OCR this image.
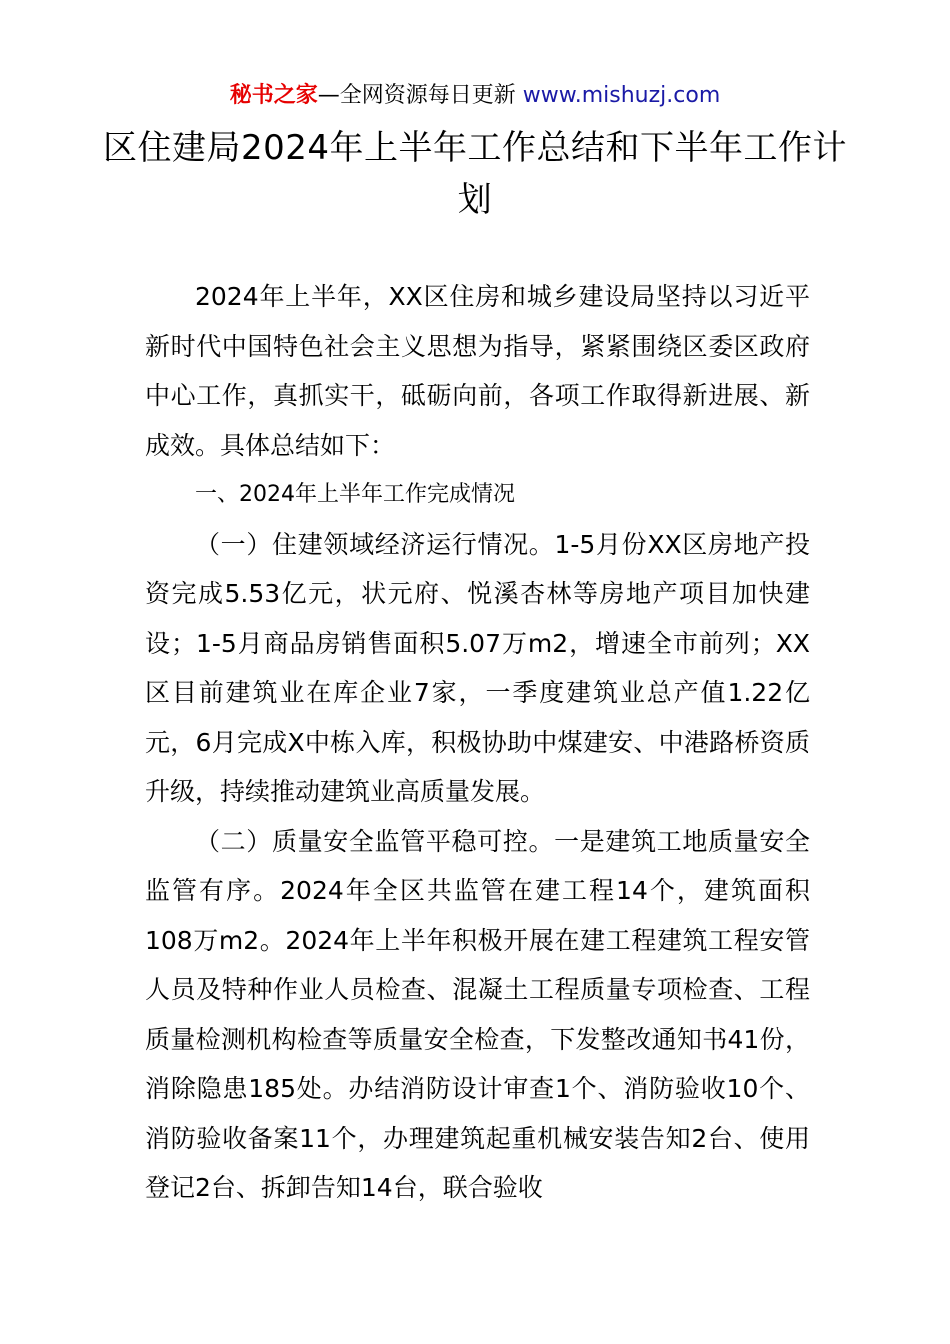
秘书之家—全网资源每日更新 www.mishuzj.com
区住建局2024年上半年工作总结和下半年工作计划

2024年上半年，XX区住房和城乡建设局坚持以习近平新时代中国特色社会主义思想为指导，紧紧围绕区委区政府中心工作，真抓实干，砥砺向前，各项工作取得新进展、新成效。具体总结如下：

一、2024年上半年工作完成情况

（一）住建领域经济运行情况。1-5月份XX区房地产投资完成5.53亿元，状元府、悦溪杏林等房地产项目加快建设；1-5月商品房销售面积5.07万m2，增速全市前列；XX区目前建筑业在库企业7家，一季度建筑业总产值1.22亿元，6月完成X中栋入库，积极协助中煤建安、中港路桥资质升级，持续推动建筑业高质量发展。

（二）质量安全监管平稳可控。一是建筑工地质量安全监管有序。2024年全区共监管在建工程14个，建筑面积108万m2。2024年上半年积极开展在建工程建筑工程安管人员及特种作业人员检查、混凝土工程质量专项检查、工程质量检测机构检查等质量安全检查，下发整改通知书41份，消除隐患185处。办结消防设计审查1个、消防验收10个、消防验收备案11个，办理建筑起重机械安装告知2台、使用登记2台、拆卸告知14台，联合验收
